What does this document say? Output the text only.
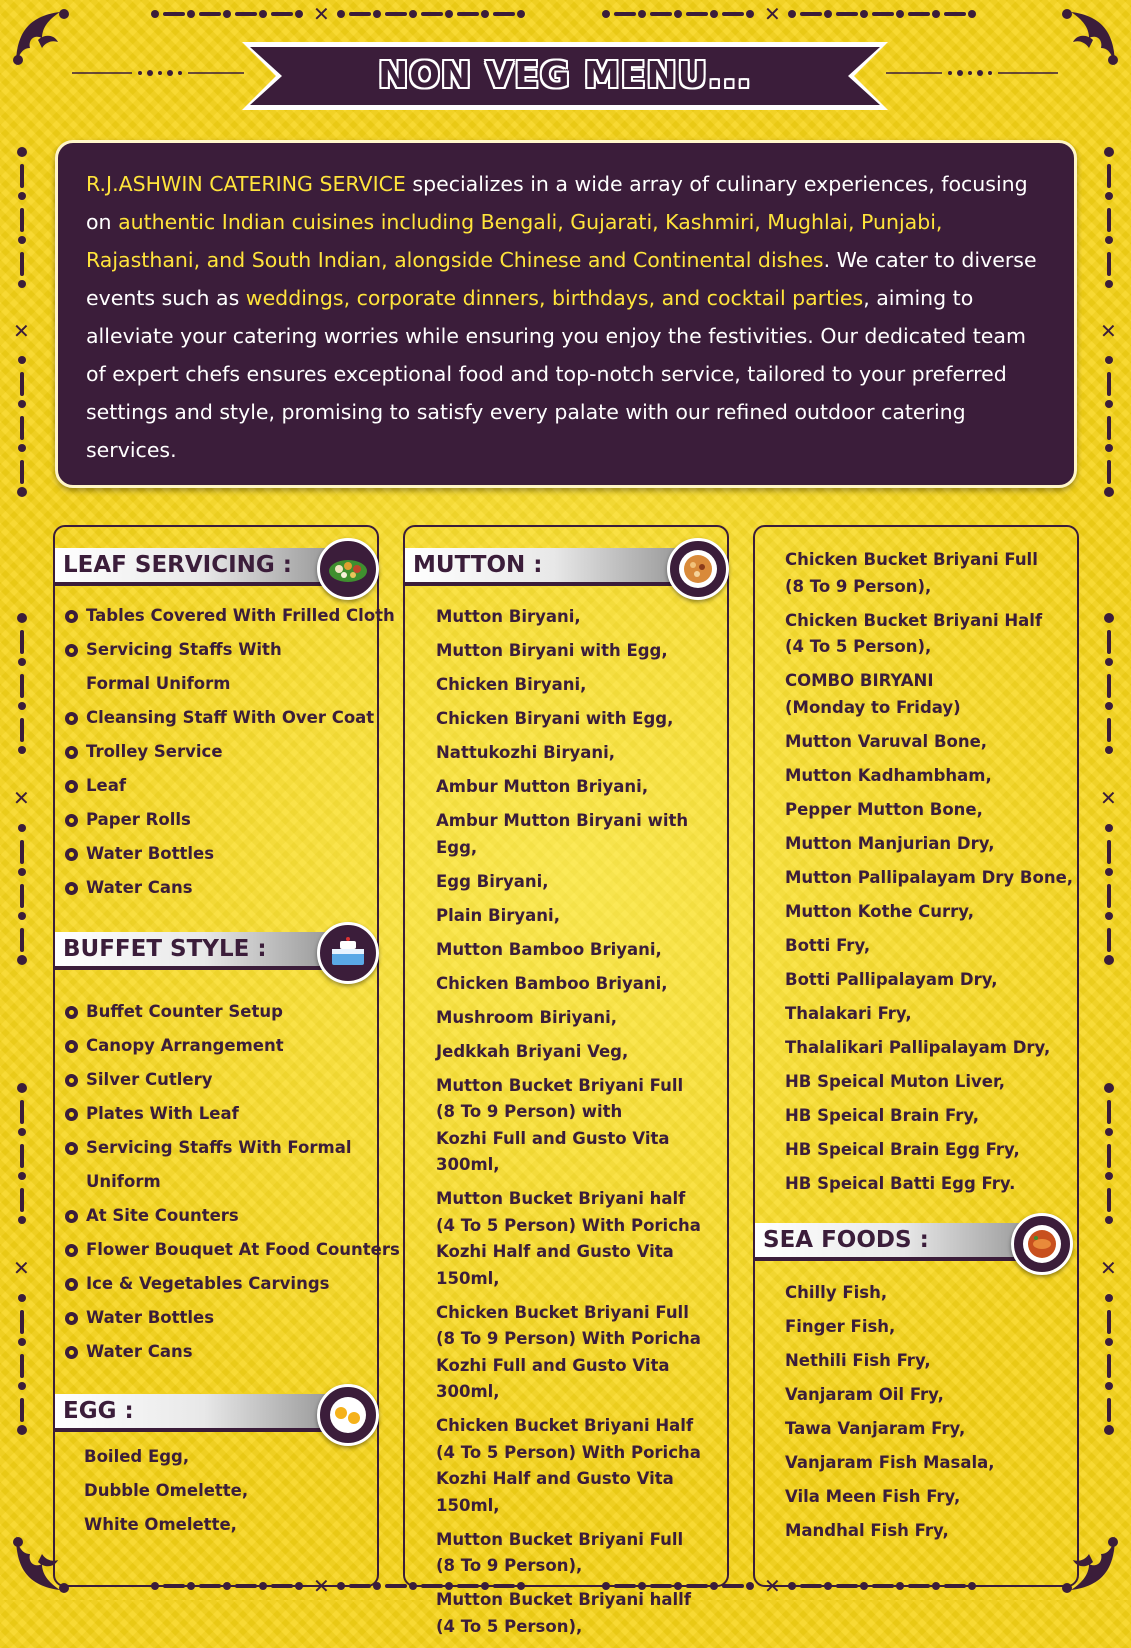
✕	✕
✕	✕
✕
✕
✕
✕
✕
✕
NON VEG MENU...
R.J.ASHWIN CATERING SERVICE specializes in a wide array of culinary experiences, focusing on authentic Indian cuisines including Bengali, Gujarati, Kashmiri, Mughlai, Punjabi, Rajasthani, and South Indian, alongside Chinese and Continental dishes. We cater to diverse events such as weddings, corporate dinners, birthdays, and cocktail parties, aiming to alleviate your catering worries while ensuring you enjoy the festivities. Our dedicated team of expert chefs ensures exceptional food and top-notch service, tailored to your preferred settings and style, promising to satisfy every palate with our refined outdoor catering services.
LEAF SERVICING :
Tables Covered With Frilled Cloth
Servicing Staffs With
Formal Uniform
Cleansing Staff With Over Coat
Trolley Service
Leaf
Paper Rolls
Water Bottles
Water Cans
BUFFET STYLE :
Buffet Counter Setup
Canopy Arrangement
Silver Cutlery
Plates With Leaf
Servicing Staffs With Formal
Uniform
At Site Counters
Flower Bouquet At Food Counters
Ice & Vegetables Carvings
Water Bottles
Water Cans
EGG :
Boiled Egg,
Dubble Omelette,
White Omelette,
MUTTON :
Mutton Biryani,
Mutton Biryani with Egg,
Chicken Biryani,
Chicken Biryani with Egg,
Nattukozhi Biryani,
Ambur Mutton Briyani,
Ambur Mutton Biryani with Egg,
Egg Biryani,
Plain Biryani,
Mutton Bamboo Briyani,
Chicken Bamboo Briyani,
Mushroom Biriyani,
Jedkkah Briyani Veg,
Mutton Bucket Briyani Full
(8 To 9 Person) with
Kozhi Full and Gusto Vita 300ml,
Mutton Bucket Briyani half
(4 To 5 Person) With Poricha
Kozhi Half and Gusto Vita 150ml,
Chicken Bucket Briyani Full
(8 To 9 Person) With Poricha
Kozhi Full and Gusto Vita 300ml,
Chicken Bucket Briyani Half
(4 To 5 Person) With Poricha
Kozhi Half and Gusto Vita 150ml,
Mutton Bucket Briyani Full
(8 To 9 Person),
Mutton Bucket Briyani hallf
(4 To 5 Person),
Chicken Bucket Briyani Full
(8 To 9 Person),
Chicken Bucket Briyani Half
(4 To 5 Person),
COMBO BIRYANI
(Monday to Friday)
Mutton Varuval Bone,
Mutton Kadhambham,
Pepper Mutton Bone,
Mutton Manjurian Dry,
Mutton Pallipalayam Dry Bone,
Mutton Kothe Curry,
Botti Fry,
Botti Pallipalayam Dry,
Thalakari Fry,
Thalalikari Pallipalayam Dry,
HB Speical Muton Liver,
HB Speical Brain Fry,
HB Speical Brain Egg Fry,
HB Speical Batti Egg Fry.
SEA FOODS :
Chilly Fish,
Finger Fish,
Nethili Fish Fry,
Vanjaram Oil Fry,
Tawa Vanjaram Fry,
Vanjaram Fish Masala,
Vila Meen Fish Fry,
Mandhal Fish Fry,
